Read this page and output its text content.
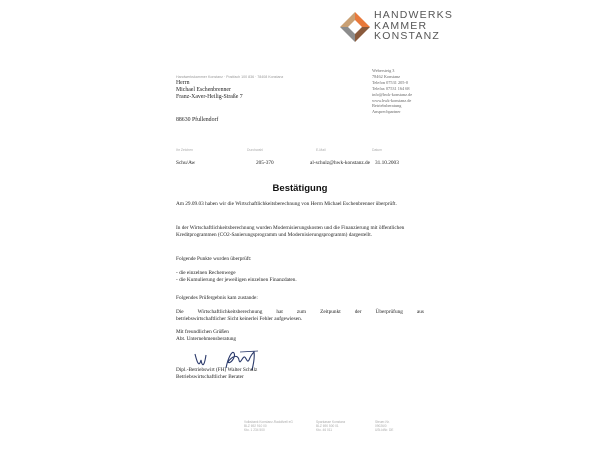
HANDWERKS
KAMMER
KONSTANZ
Handwerkskammer Konstanz · Postfach 100 836 · 78408 Konstanz
Herrn
Michael Eschenbrenner
Franz-Xaver-Heilig-Straße 7
88630 Pfullendorf
Webersteig 3
78462 Konstanz
Telefon 07531 205-0
Telefax 07531 164 68
info@hwk-konstanz.de
www.hwk-konstanz.de
Betriebsberatung
Ansprechpartner
Ihr Zeichen	Durchwahl	E-Mail	Datum
Schu/Aw	205-370	al-schulz@hwk-konstanz.de 31.10.2003
Bestätigung
Am 29.09.03 haben wir die Wirtschaftlichkeitsberechnung von Herrn Michael Eschenbrenner überprüft.
In der Wirtschaftlichkeitsberechnung wurden Modernisierungskosten und die Finanzierung mit öffentlichen Kreditprogrammen (CO2-Sanierungsprogramm und Modernisierungsprogramm) dargestellt.
Folgende Punkte wurden überprüft:

- die einzelnen Rechenwege

- die Kumulierung der jeweiligen einzelnen Finanzdaten.

Folgendes Prüfergebnis kam zustande:
Die Wirtschaftlichkeitsberechnung hat zum Zeitpunkt der Überprüfung aus
betriebswirtschaftlicher Sicht keinerlei Fehler aufgewiesen.
Mit freundlichen Grüßen
Abt. Unternehmensberatung
Dipl.-Betriebswirt (FH) Walter Schulz
Betriebswirtschaftlicher Berater
Volksbank Konstanz-Radolfzell eG
BLZ 692 910 00
Kto. 1 234 500
Sparkasse Konstanz
BLZ 690 500 01
Kto. 46 011
Steuer-Nr.
09026/0
USt-IdNr. DE
